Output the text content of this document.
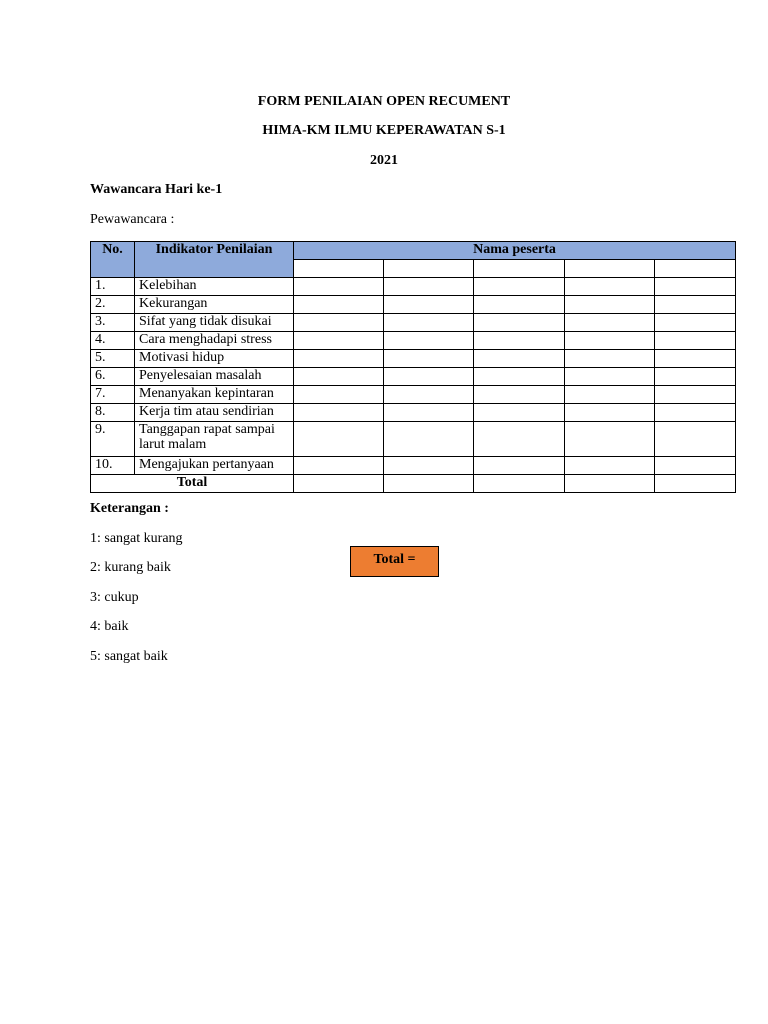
FORM PENILAIAN OPEN RECUMENT
HIMA-KM ILMU KEPERAWATAN S-1
2021
Wawancara Hari ke-1
Pewawancara :
No.	Indikator Penilaian	Nama peserta				

1.	Kelebihan					
2.	Kekurangan					
3.	Sifat yang tidak disukai					
4.	Cara menghadapi stress					
5.	Motivasi hidup					
6.	Penyelesaian masalah					
7.	Menanyakan kepintaran					
8.	Kerja tim atau sendirian					
9.	Tanggapan rapat sampai larut malam					
10.	Mengajukan pertanyaan					
Total						
Keterangan :
1: sangat kurang
2: kurang baik
3: cukup
4: baik
5: sangat baik
Total =
